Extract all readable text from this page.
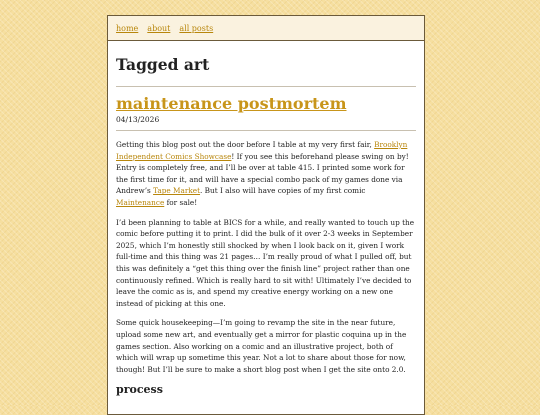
home about all posts
Tagged art
maintenance postmortem
04/13/2026

Getting this blog post out the door before I table at my very first fair, Brooklyn Independent Comics Showcase! If you see this beforehand please swing on by! Entry is completely free, and I’ll be over at table 415. I printed some work for the first time for it, and will have a special combo pack of my games done via Andrew’s Tape Market. But I also will have copies of my first comic Maintenance for sale!

I’d been planning to table at BICS for a while, and really wanted to touch up the comic before putting it to print. I did the bulk of it over 2-3 weeks in September 2025, which I’m honestly still shocked by when I look back on it, given I work full-time and this thing was 21 pages… I’m really proud of what I pulled off, but this was definitely a “get this thing over the finish line” project rather than one continuously refined. Which is really hard to sit with! Ultimately I’ve decided to leave the comic as is, and spend my creative energy working on a new one instead of picking at this one.

Some quick housekeeping—I’m going to revamp the site in the near future, upload some new art, and eventually get a mirror for plastic coquina up in the games section. Also working on a comic and an illustrative project, both of which will wrap up sometime this year. Not a lot to share about those for now, though! But I’ll be sure to make a short blog post when I get the site onto 2.0.

process
